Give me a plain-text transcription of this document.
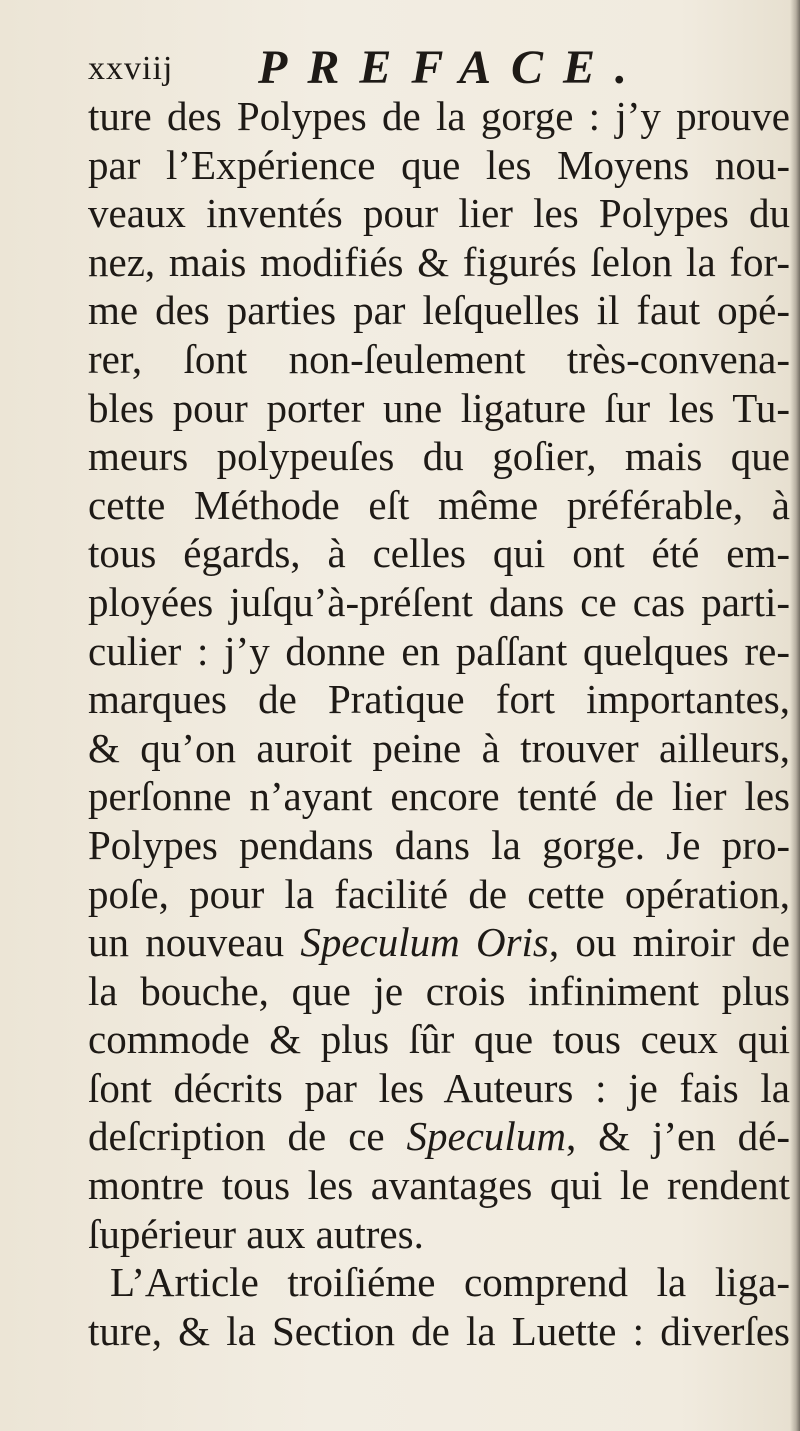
xxviij PREFACE.
ture des Polypes de la gorge : j’y prouve
par l’Expérience que les Moyens nou-
veaux inventés pour lier les Polypes du
nez, mais modifiés & figurés ſelon la for-
me des parties par leſquelles il faut opé-
rer, ſont non-ſeulement très-convena-
bles pour porter une ligature ſur les Tu-
meurs polypeuſes du goſier, mais que
cette Méthode eſt même préférable, à
tous égards, à celles qui ont été em-
ployées juſqu’à-préſent dans ce cas parti-
culier : j’y donne en paſſant quelques re-
marques de Pratique fort importantes,
& qu’on auroit peine à trouver ailleurs,
perſonne n’ayant encore tenté de lier les
Polypes pendans dans la gorge. Je pro-
poſe, pour la facilité de cette opération,
un nouveau Speculum Oris, ou miroir de
la bouche, que je crois infiniment plus
commode & plus ſûr que tous ceux qui
ſont décrits par les Auteurs : je fais la
deſcription de ce Speculum, & j’en dé-
montre tous les avantages qui le rendent
ſupérieur aux autres.
L’Article troiſiéme comprend la liga-
ture, & la Section de la Luette : diverſes
